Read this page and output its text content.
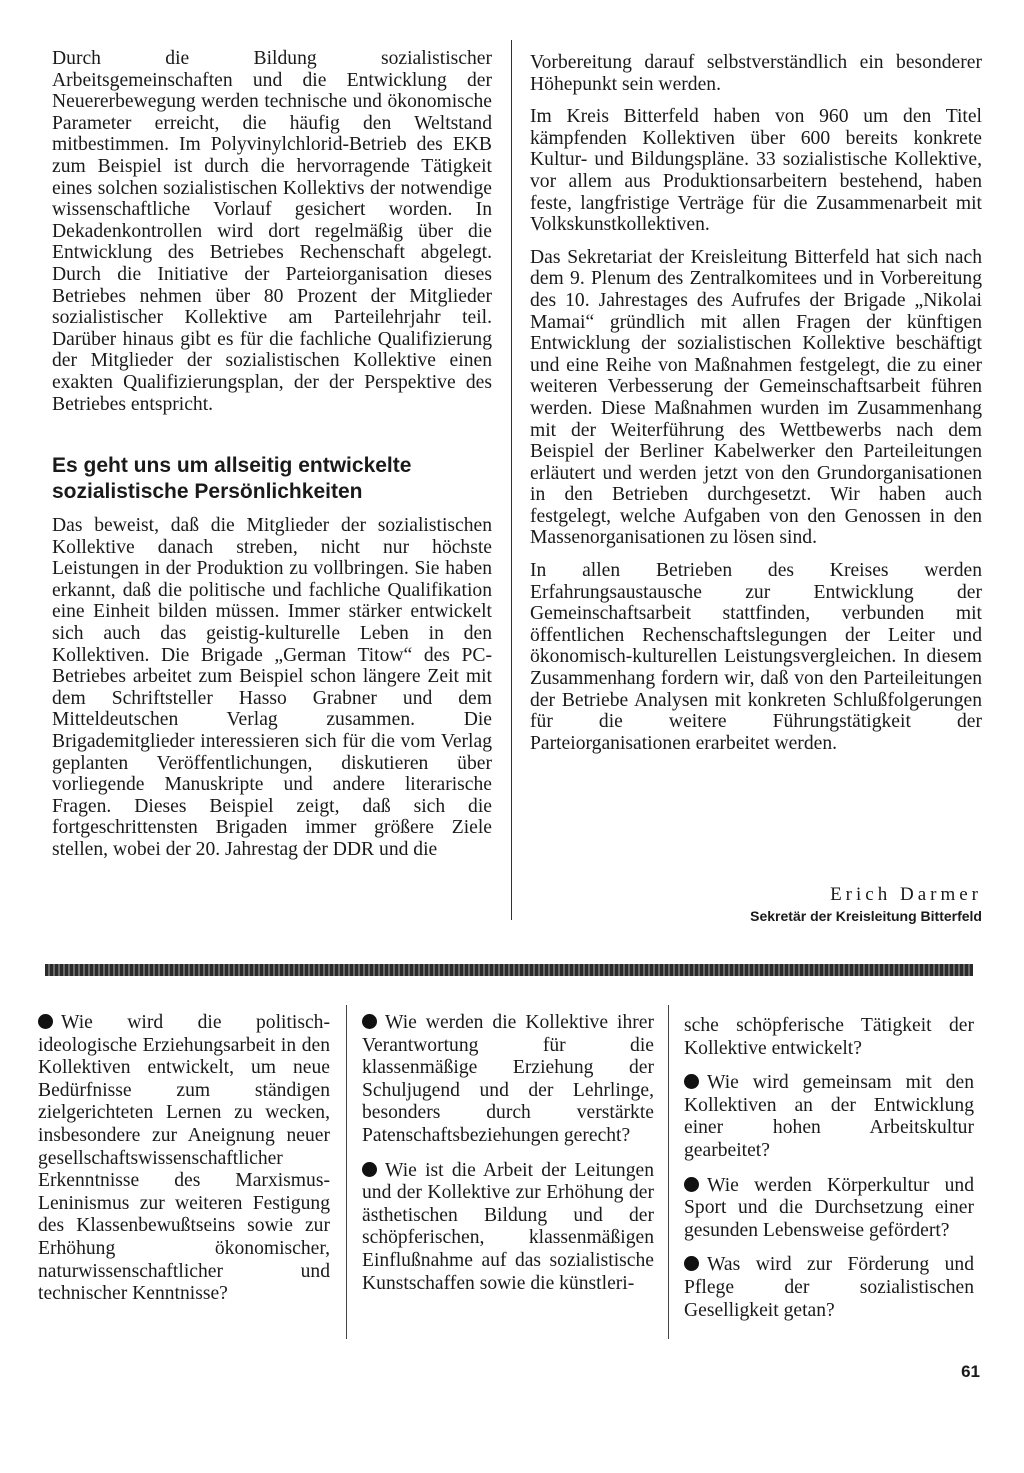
Durch die Bildung sozialistischer Arbeitsgemeinschaften und die Entwicklung der Neuererbewegung werden technische und ökonomische Parameter erreicht, die häufig den Weltstand mitbestimmen. Im Polyvinylchlorid-Betrieb des EKB zum Beispiel ist durch die hervorragende Tätigkeit eines solchen sozialistischen Kollektivs der notwendige wissenschaftliche Vorlauf gesichert worden. In Dekadenkontrollen wird dort regelmäßig über die Entwicklung des Betriebes Rechenschaft abgelegt. Durch die Initiative der Parteiorganisation dieses Betriebes nehmen über 80 Prozent der Mitglieder sozialistischer Kollektive am Parteilehrjahr teil. Darüber hinaus gibt es für die fachliche Qualifizierung der Mitglieder der sozialistischen Kollektive einen exakten Qualifizierungsplan, der der Perspektive des Betriebes entspricht.

Es geht uns um allseitig entwickelte sozialistische Persönlichkeiten

Das beweist, daß die Mitglieder der sozialistischen Kollektive danach streben, nicht nur höchste Leistungen in der Produktion zu vollbringen. Sie haben erkannt, daß die politische und fachliche Qualifikation eine Einheit bilden müssen. Immer stärker entwickelt sich auch das geistig-kulturelle Leben in den Kollektiven. Die Brigade „German Titow“ des PC-Betriebes arbeitet zum Beispiel schon längere Zeit mit dem Schriftsteller Hasso Grabner und dem Mitteldeutschen Verlag zusammen. Die Brigademitglieder interessieren sich für die vom Verlag geplanten Veröffentlichungen, diskutieren über vorliegende Manuskripte und andere literarische Fragen. Dieses Beispiel zeigt, daß sich die fortgeschrittensten Brigaden immer größere Ziele stellen, wobei der 20. Jahrestag der DDR und die

Vorbereitung darauf selbstverständlich ein besonderer Höhepunkt sein werden.

Im Kreis Bitterfeld haben von 960 um den Titel kämpfenden Kollektiven über 600 bereits konkrete Kultur- und Bildungspläne. 33 sozialistische Kollektive, vor allem aus Produktionsarbeitern bestehend, haben feste, langfristige Verträge für die Zusammenarbeit mit Volkskunstkollektiven.

Das Sekretariat der Kreisleitung Bitterfeld hat sich nach dem 9. Plenum des Zentralkomitees und in Vorbereitung des 10. Jahrestages des Aufrufes der Brigade „Nikolai Mamai“ gründlich mit allen Fragen der künftigen Entwicklung der sozialistischen Kollektive beschäftigt und eine Reihe von Maßnahmen festgelegt, die zu einer weiteren Verbesserung der Gemeinschaftsarbeit führen werden. Diese Maßnahmen wurden im Zusammenhang mit der Weiterführung des Wettbewerbs nach dem Beispiel der Berliner Kabelwerker den Parteileitungen erläutert und werden jetzt von den Grundorganisationen in den Betrieben durchgesetzt. Wir haben auch festgelegt, welche Aufgaben von den Genossen in den Massenorganisationen zu lösen sind.

In allen Betrieben des Kreises werden Erfahrungsaustausche zur Entwicklung der Gemeinschaftsarbeit stattfinden, verbunden mit öffentlichen Rechenschaftslegungen der Leiter und ökonomisch-kulturellen Leistungsvergleichen. In diesem Zusammenhang fordern wir, daß von den Parteileitungen der Betriebe Analysen mit konkreten Schlußfolgerungen für die weitere Führungstätigkeit der Parteiorganisationen erarbeitet werden.

Erich Darmer
Sekretär der Kreisleitung Bitterfeld

Wie wird die politisch-ideologische Erziehungsarbeit in den Kollektiven entwickelt, um neue Bedürfnisse zum ständigen zielgerichteten Lernen zu wecken, insbesondere zur Aneignung neuer gesellschaftswissenschaftlicher Erkenntnisse des Marxismus-Leninismus zur weiteren Festigung des Klassenbewußtseins sowie zur Erhöhung ökonomischer, naturwissenschaftlicher und technischer Kenntnisse?

Wie werden die Kollektive ihrer Verantwortung für die klassenmäßige Erziehung der Schuljugend und der Lehrlinge, besonders durch verstärkte Patenschaftsbeziehungen gerecht?

Wie ist die Arbeit der Leitungen und der Kollektive zur Erhöhung der ästhetischen Bildung und der schöpferischen, klassenmäßigen Einflußnahme auf das sozialistische Kunstschaffen sowie die künstleri-

sche schöpferische Tätigkeit der Kollektive entwickelt?

Wie wird gemeinsam mit den Kollektiven an der Entwicklung einer hohen Arbeitskultur gearbeitet?

Wie werden Körperkultur und Sport und die Durchsetzung einer gesunden Lebensweise gefördert?

Was wird zur Förderung und Pflege der sozialistischen Geselligkeit getan?

61
